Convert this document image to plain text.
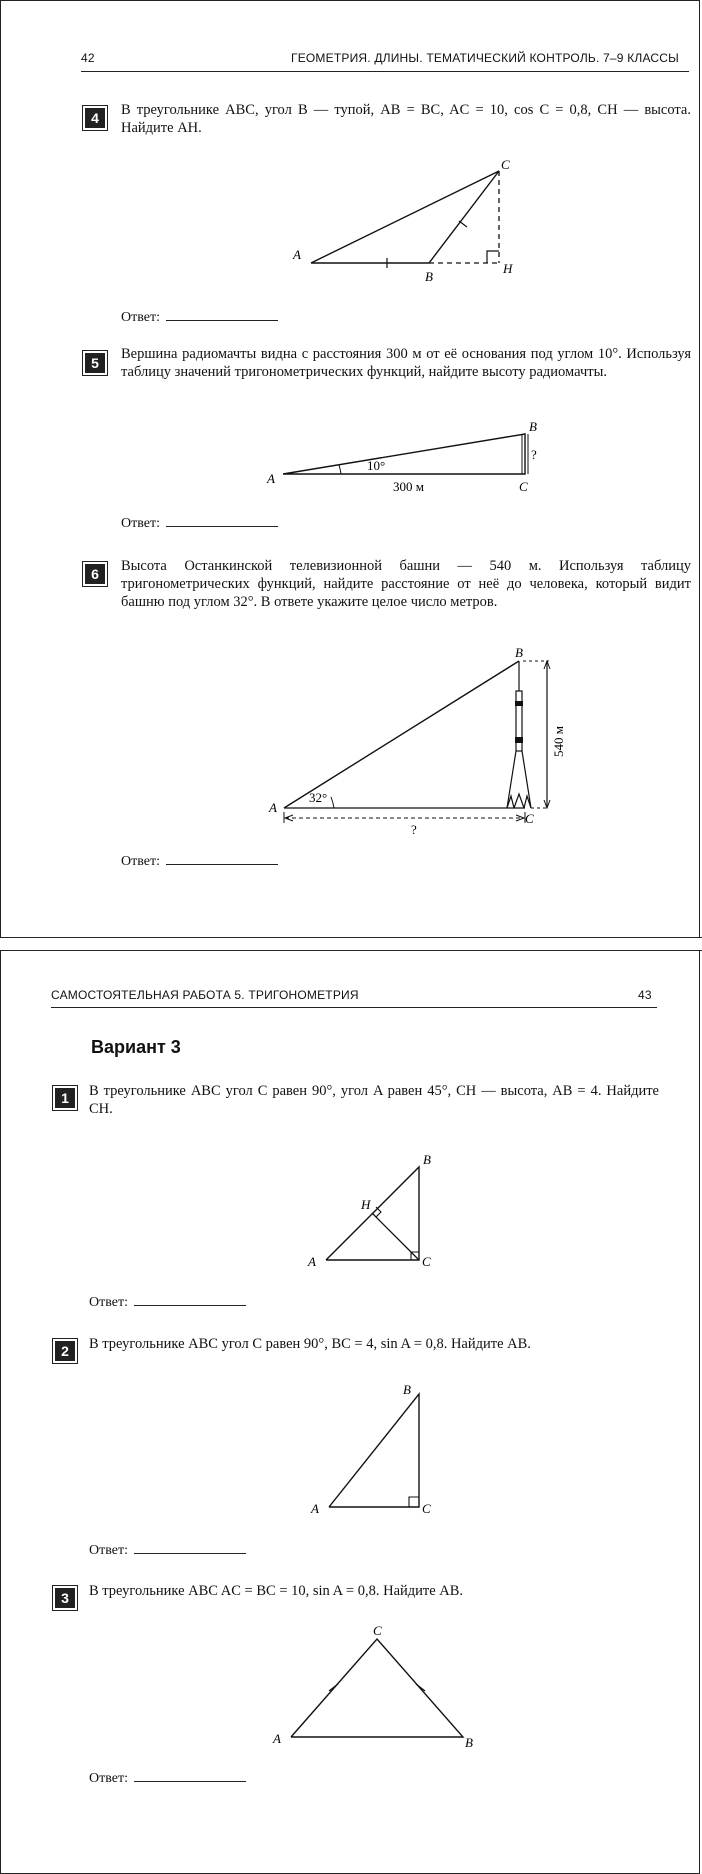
42	ГЕОМЕТРИЯ. ДЛИНЫ. ТЕМАТИЧЕСКИЙ КОНТРОЛЬ. 7–9 КЛАССЫ
4	В треугольнике ABC, угол B — тупой, AB = BC, AC = 10, cos C = 0,8, CH — высота. Найдите AH.
A
B
C
H
Ответ:
5
Вершина радиомачты видна с расстояния 300 м от её основания под углом 10°. Используя таблицу значений тригонометрических функций, найдите высоту радиомачты.
A
B
C
10°
300 м
?
Ответ:
6	Высота Останкинской телевизионной башни — 540 м. Используя таблицу тригонометрических функций, найдите расстояние от неё до человека, который видит башню под углом 32°. В ответе укажите целое число метров.
A
B
C
32°
?
540 м
Ответ:
САМОСТОЯТЕЛЬНАЯ РАБОТА 5. ТРИГОНОМЕТРИЯ	43
Вариант 3
1	В треугольнике ABC угол C равен 90°, угол A равен 45°, CH — высота, AB = 4. Найдите CH.
A
B
C
H
Ответ:
2	В треугольнике ABC угол C равен 90°, BC = 4, sin A = 0,8. Найдите AB.
A
B
C
Ответ:
3	В треугольнике ABC AC = BC = 10, sin A = 0,8. Найдите AB.
A	B
C
Ответ:
